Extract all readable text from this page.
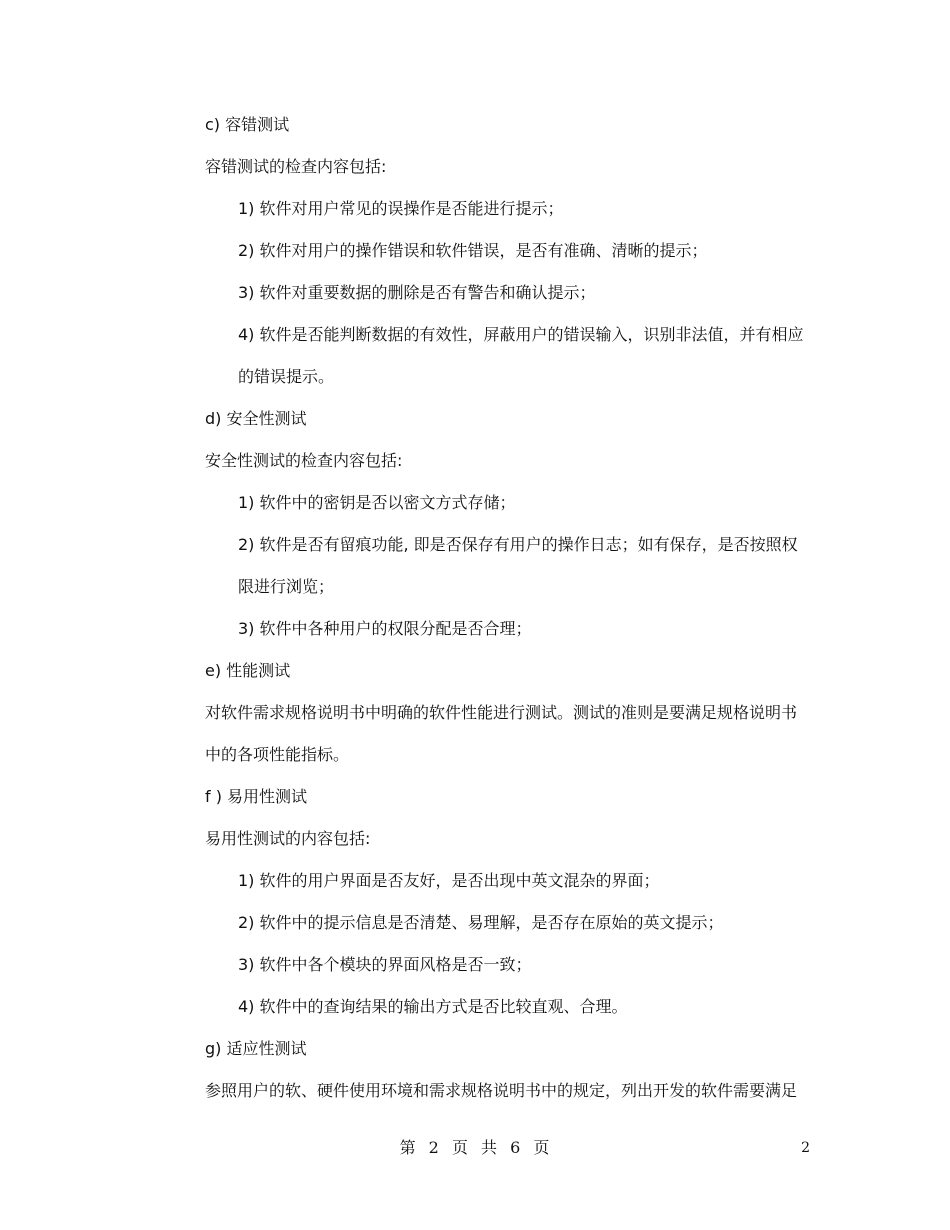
c) 容错测试
容错测试的检查内容包括:
1) 软件对用户常见的误操作是否能进行提示；
2) 软件对用户的操作错误和软件错误，是否有准确、清晰的提示；
3) 软件对重要数据的删除是否有警告和确认提示；
4) 软件是否能判断数据的有效性，屏蔽用户的错误输入，识别非法值，并有相应
的错误提示。
d) 安全性测试
安全性测试的检查内容包括:
1) 软件中的密钥是否以密文方式存储；
2) 软件是否有留痕功能, 即是否保存有用户的操作日志；如有保存，是否按照权
限进行浏览；
3) 软件中各种用户的权限分配是否合理；
e) 性能测试
对软件需求规格说明书中明确的软件性能进行测试。测试的准则是要满足规格说明书
中的各项性能指标。
f ) 易用性测试
易用性测试的内容包括:
1) 软件的用户界面是否友好，是否出现中英文混杂的界面；
2) 软件中的提示信息是否清楚、易理解，是否存在原始的英文提示；
3) 软件中各个模块的界面风格是否一致；
4) 软件中的查询结果的输出方式是否比较直观、合理。
g) 适应性测试
参照用户的软、硬件使用环境和需求规格说明书中的规定，列出开发的软件需要满足
第 2 页 共 6 页	2
